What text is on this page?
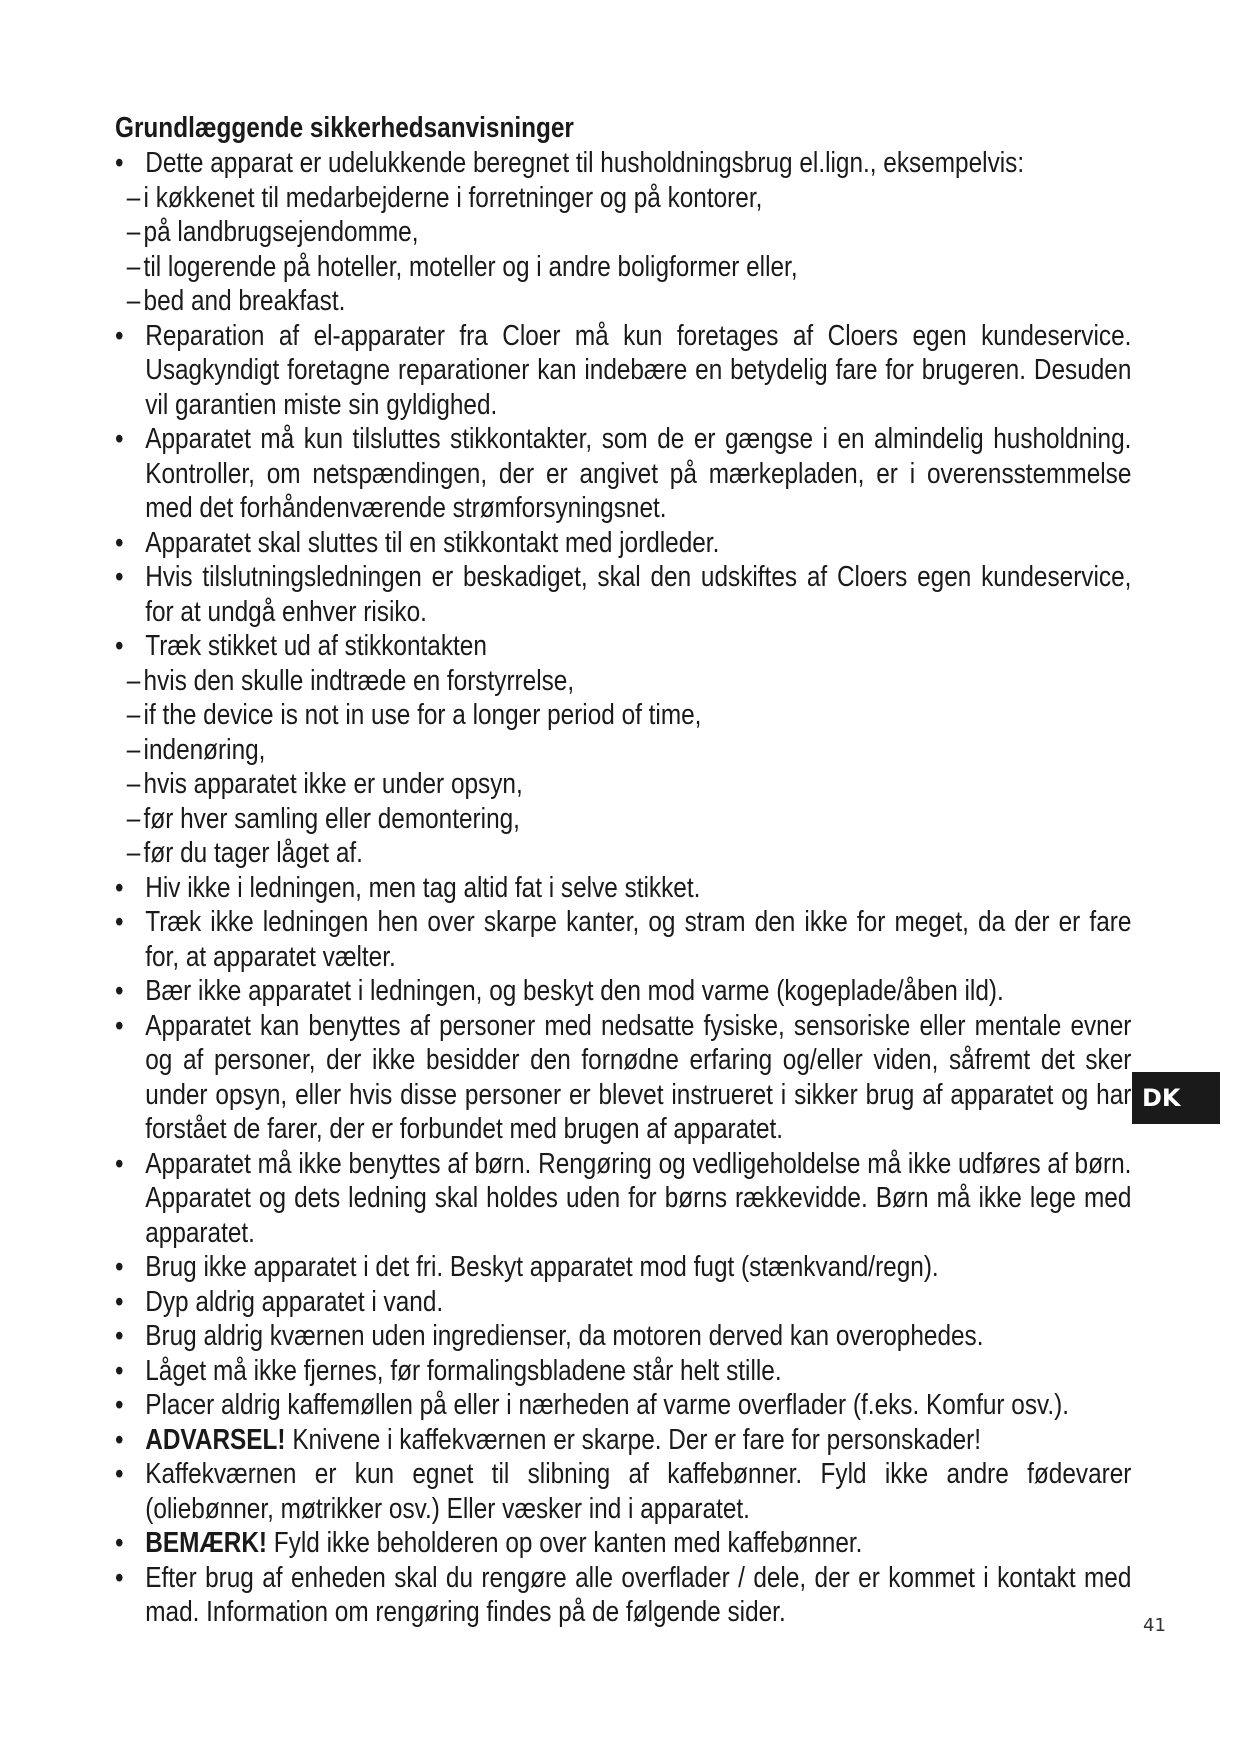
Grundlæggende sikkerhedsanvisninger
• Dette apparat er udelukkende beregnet til husholdningsbrug el.lign., eksempelvis:
– i køkkenet til medarbejderne i forretninger og på kontorer,
– på landbrugsejendomme,
– til logerende på hoteller, moteller og i andre boligformer eller,
– bed and breakfast.
• Reparation af el-apparater fra Cloer må kun foretages af Cloers egen kundeservice. Usagkyndigt foretagne reparationer kan indebære en betydelig fare for brugeren. Desuden vil garantien miste sin gyldighed.
• Apparatet må kun tilsluttes stikkontakter, som de er gængse i en almindelig husholdning. Kontroller, om netspændingen, der er angivet på mærkepladen, er i overensstemmelse med det forhåndenværende strømforsyningsnet.
• Apparatet skal sluttes til en stikkontakt med jordleder.
• Hvis tilslutningsledningen er beskadiget, skal den udskiftes af Cloers egen kundeservice, for at undgå enhver risiko.
• Træk stikket ud af stikkontakten
– hvis den skulle indtræde en forstyrrelse,
– if the device is not in use for a longer period of time,
– indenøring,
– hvis apparatet ikke er under opsyn,
– før hver samling eller demontering,
– før du tager låget af.
• Hiv ikke i ledningen, men tag altid fat i selve stikket.
• Træk ikke ledningen hen over skarpe kanter, og stram den ikke for meget, da der er fare for, at apparatet vælter.
• Bær ikke apparatet i ledningen, og beskyt den mod varme (kogeplade/åben ild).
• Apparatet kan benyttes af personer med nedsatte fysiske, sensoriske eller mentale evner og af personer, der ikke besidder den fornødne erfaring og/eller viden, såfremt det sker under opsyn, eller hvis disse personer er blevet instrueret i sikker brug af apparatet og har forstået de farer, der er forbundet med brugen af apparatet.
• Apparatet må ikke benyttes af børn. Rengøring og vedligeholdelse må ikke udføres af børn. Apparatet og dets ledning skal holdes uden for børns rækkevidde. Børn må ikke lege med apparatet.
• Brug ikke apparatet i det fri. Beskyt apparatet mod fugt (stænkvand/regn).
• Dyp aldrig apparatet i vand.
• Brug aldrig kværnen uden ingredienser, da motoren derved kan overophedes.
• Låget må ikke fjernes, før formalingsbladene står helt stille.
• Placer aldrig kaffemøllen på eller i nærheden af varme overflader (f.eks. Komfur osv.).
• ADVARSEL! Knivene i kaffekværnen er skarpe. Der er fare for personskader!
• Kaffekværnen er kun egnet til slibning af kaffebønner. Fyld ikke andre fødevarer (oliebønner, møtrikker osv.) Eller væsker ind i apparatet.
• BEMÆRK! Fyld ikke beholderen op over kanten med kaffebønner.
• Efter brug af enheden skal du rengøre alle overflader / dele, der er kommet i kontakt med mad. Information om rengøring findes på de følgende sider.
DK
41
